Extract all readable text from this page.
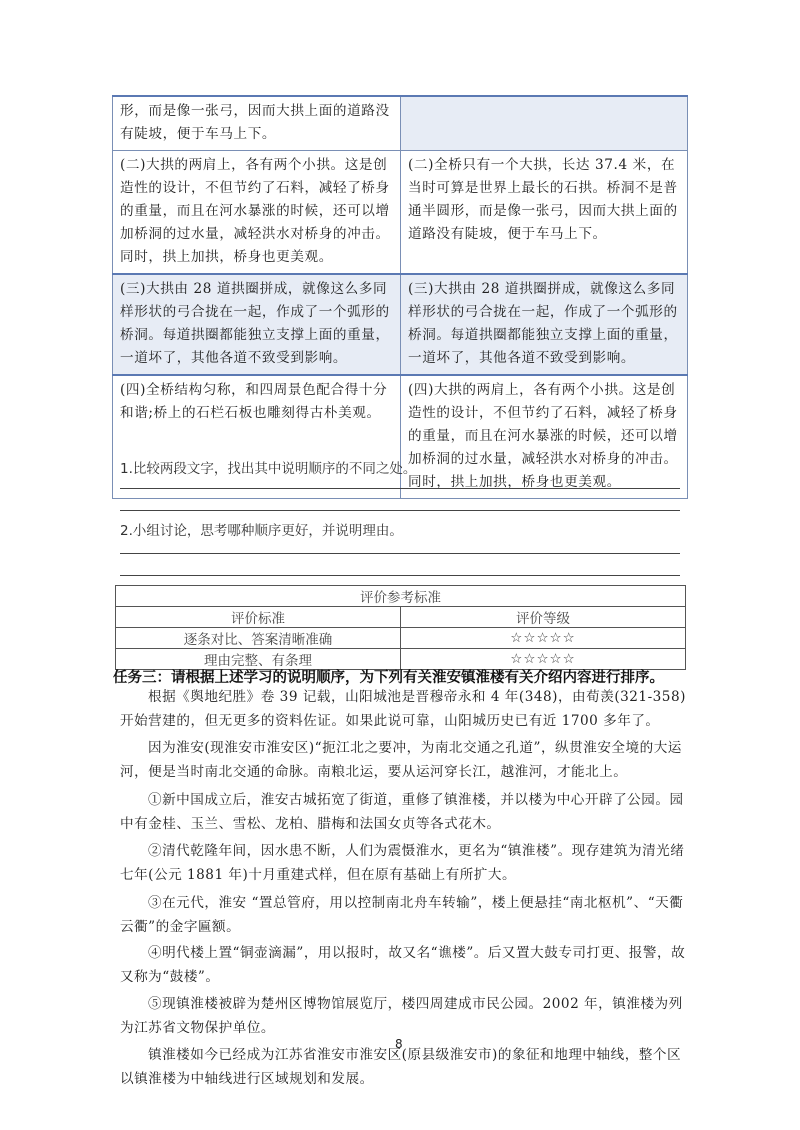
形，而是像一张弓，因而大拱上面的道路没有陡坡，便于车马上下。	
(二)大拱的两肩上，各有两个小拱。这是创造性的设计，不但节约了石料，减轻了桥身的重量，而且在河水暴涨的时候，还可以增加桥洞的过水量，减轻洪水对桥身的冲击。同时，拱上加拱，桥身也更美观。	(二)全桥只有一个大拱，长达 37.4 米，在当时可算是世界上最长的石拱。桥洞不是普通半圆形，而是像一张弓，因而大拱上面的道路没有陡坡，便于车马上下。
(三)大拱由 28 道拱圈拼成，就像这么多同样形状的弓合拢在一起，作成了一个弧形的桥洞。每道拱圈都能独立支撑上面的重量，一道坏了，其他各道不致受到影响。	(三)大拱由 28 道拱圈拼成，就像这么多同样形状的弓合拢在一起，作成了一个弧形的桥洞。每道拱圈都能独立支撑上面的重量，一道坏了，其他各道不致受到影响。
(四)全桥结构匀称，和四周景色配合得十分和谐;桥上的石栏石板也雕刻得古朴美观。	(四)大拱的两肩上，各有两个小拱。这是创造性的设计，不但节约了石料，减轻了桥身的重量，而且在河水暴涨的时候，还可以增加桥洞的过水量，减轻洪水对桥身的冲击。同时，拱上加拱，桥身也更美观。
1.比较两段文字，找出其中说明顺序的不同之处。
2.小组讨论，思考哪种顺序更好，并说明理由。
评价参考标准	
评价标准	评价等级
逐条对比、答案清晰准确	☆☆☆☆☆
理由完整、有条理	☆☆☆☆☆
任务三：请根据上述学习的说明顺序，为下列有关淮安镇淮楼有关介绍内容进行排序。

根据《舆地纪胜》卷 39 记载，山阳城池是晋穆帝永和 4 年(348)，由荀羡(321-358)开始营建的，但无更多的资料佐证。如果此说可靠，山阳城历史已有近 1700 多年了。

因为淮安(现淮安市淮安区)“扼江北之要冲，为南北交通之孔道”，纵贯淮安全境的大运河，便是当时南北交通的命脉。南粮北运，要从运河穿长江，越淮河，才能北上。

①新中国成立后，淮安古城拓宽了街道，重修了镇淮楼，并以楼为中心开辟了公园。园中有金桂、玉兰、雪松、龙柏、腊梅和法国女贞等各式花木。

②清代乾隆年间，因水患不断，人们为震慑淮水，更名为“镇淮楼”。现存建筑为清光绪七年(公元 1881 年)十月重建式样，但在原有基础上有所扩大。

③在元代，淮安 “置总管府，用以控制南北舟车转输”，楼上便悬挂“南北枢机”、“天衢云衢”的金字匾额。

④明代楼上置“铜壶滴漏”，用以报时，故又名“谯楼”。后又置大鼓专司打更、报警，故又称为“鼓楼”。

⑤现镇淮楼被辟为楚州区博物馆展览厅，楼四周建成市民公园。2002 年，镇淮楼为列为江苏省文物保护单位。

镇淮楼如今已经成为江苏省淮安市淮安区(原县级淮安市)的象征和地理中轴线，整个区以镇淮楼为中轴线进行区域规划和发展。

8
